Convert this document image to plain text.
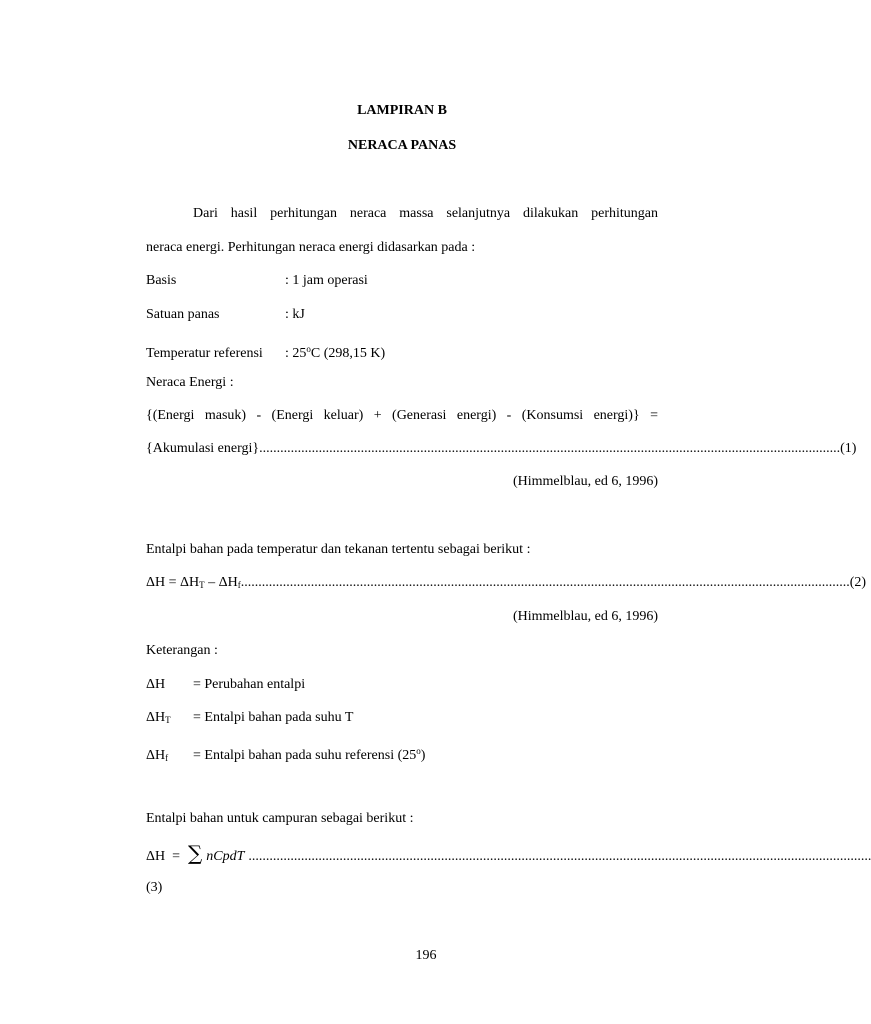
LAMPIRAN B
NERACA PANAS
Dari hasil perhitungan neraca massa selanjutnya dilakukan perhitungan
neraca energi. Perhitungan neraca energi didasarkan pada :
Basis	: 1 jam operasi
Satuan panas	: kJ
Temperatur referensi : 25$^o$C (298,15 K)
Neraca Energi :
{(Energi masuk) - (Energi keluar) + (Generasi energi) - (Konsumsi energi)} =
{Akumulasi energi} ...................................................................................................................................................................... (1)
(Himmelblau, ed 6, 1996)
Entalpi bahan pada temperatur dan tekanan tertentu sebagai berikut :
$\Delta H = \Delta H_T - \Delta H_f$ .............................................................................................................................................................................. (2)
(Himmelblau, ed 6, 1996)
Keterangan :
ΔH = Perubahan entalpi
$\Delta H_T$ = Entalpi bahan pada suhu T
$\Delta H_f$ = Entalpi bahan pada suhu referensi (25$^o$)
Entalpi bahan untuk campuran sebagai berikut :
ΔH  = ∑ nCpdT ..................................................................................................................................................................................
(3)
196
